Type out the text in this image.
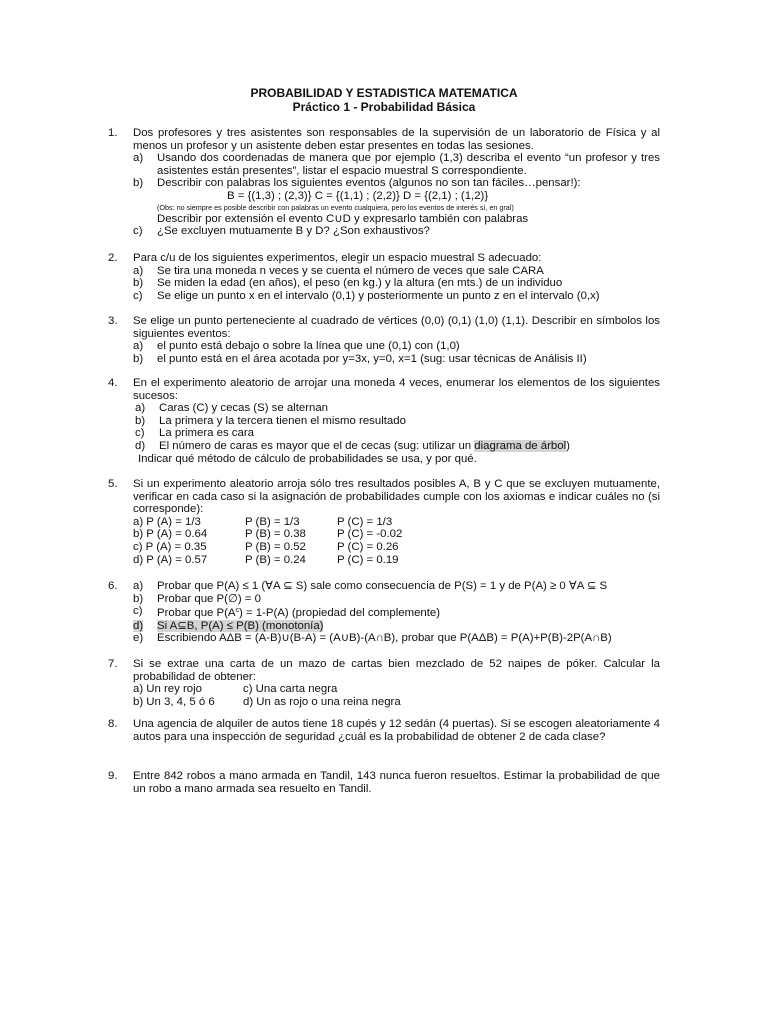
PROBABILIDAD Y ESTADISTICA MATEMATICA
Práctico 1 - Probabilidad Básica
1. Dos profesores y tres asistentes son responsables de la supervisión de un laboratorio de Física y al menos un profesor y un asistente deben estar presentes en todas las sesiones.
a) Usando dos coordenadas de manera que por ejemplo (1,3) describa el evento “un profesor y tres asistentes están presentes”, listar el espacio muestral S correspondiente.
b) Describir con palabras los siguientes eventos (algunos no son tan fáciles…pensar!):
B = {(1,3) ; (2,3)} C = {(1,1) ; (2,2)} D = {(2,1) ; (1,2)}
(Obs: no siempre es posible describir con palabras un evento cualquiera, pero los eventos de interés sí, en gral)
Describir por extensión el evento C∪D y expresarlo también con palabras
c) ¿Se excluyen mutuamente B y D? ¿Son exhaustivos?
2. Para c/u de los siguientes experimentos, elegir un espacio muestral S adecuado:
a) Se tira una moneda n veces y se cuenta el número de veces que sale CARA
b) Se miden la edad (en años), el peso (en kg.) y la altura (en mts.) de un individuo
c) Se elige un punto x en el intervalo (0,1) y posteriormente un punto z en el intervalo (0,x)
3. Se elige un punto perteneciente al cuadrado de vértices (0,0) (0,1) (1,0) (1,1). Describir en símbolos los siguientes eventos:
a) el punto está debajo o sobre la línea que une (0,1) con (1,0)
b) el punto está en el área acotada por y=3x, y=0, x=1 (sug: usar técnicas de Análisis II)
4. En el experimento aleatorio de arrojar una moneda 4 veces, enumerar los elementos de los siguientes sucesos:
a) Caras (C) y cecas (S) se alternan
b) La primera y la tercera tienen el mismo resultado
c) La primera es cara
d) El número de caras es mayor que el de cecas (sug: utilizar un diagrama de árbol)
Indicar qué método de cálculo de probabilidades se usa, y por qué.
5. Si un experimento aleatorio arroja sólo tres resultados posibles A, B y C que se excluyen mutuamente, verificar en cada caso si la asignación de probabilidades cumple con los axiomas e indicar cuáles no (si corresponde):
a) P (A) = 1/3	P (B) = 1/3	P (C) = 1/3
b) P (A) = 0.64	P (B) = 0.38	P (C) = -0.02
c) P (A) = 0.35	P (B) = 0.52	P (C) = 0.26
d) P (A) = 0.57	P (B) = 0.24	P (C) = 0.19
6. a) Probar que P(A) ≤ 1 (∀A ⊆ S) sale como consecuencia de P(S) = 1 y de P(A) ≥ 0 ∀A ⊆ S
b) Probar que P(∅) = 0
c) Probar que $P(A^c) = 1-P(A)$ (propiedad del complemente)
d) Si A⊆B, P(A) ≤ P(B) (monotonía)
e) Escribiendo AΔB = (A-B)∪(B-A) = (A∪B)-(A∩B), probar que P(AΔB) = P(A)+P(B)-2P(A∩B)
7. Si se extrae una carta de un mazo de cartas bien mezclado de 52 naipes de póker. Calcular la probabilidad de obtener:
a) Un rey rojo	c) Una carta negra
b) Un 3, 4, 5 ó 6	d) Un as rojo o una reina negra
8. Una agencia de alquiler de autos tiene 18 cupés y 12 sedán (4 puertas). Si se escogen aleatoriamente 4 autos para una inspección de seguridad ¿cuál es la probabilidad de obtener 2 de cada clase?
9. Entre 842 robos a mano armada en Tandil, 143 nunca fueron resueltos. Estimar la probabilidad de que un robo a mano armada sea resuelto en Tandil.
